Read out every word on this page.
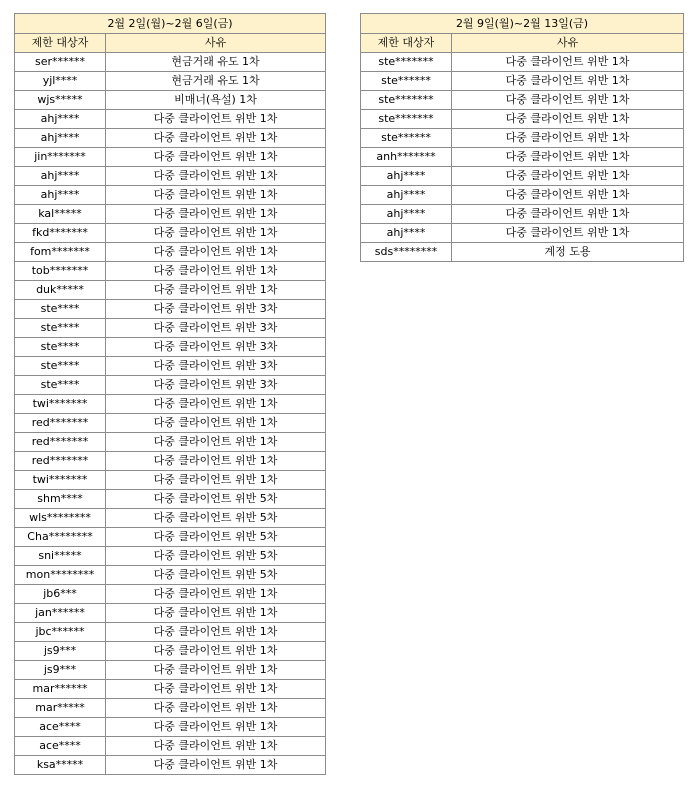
2월 2일(월)~2월 6일(금)	
제한 대상자	사유
ser******	현금거래 유도 1차
yjl****	현금거래 유도 1차
wjs*****	비매너(욕설) 1차
ahj****	다중 클라이언트 위반 1차
ahj****	다중 클라이언트 위반 1차
jin*******	다중 클라이언트 위반 1차
ahj****	다중 클라이언트 위반 1차
ahj****	다중 클라이언트 위반 1차
kal*****	다중 클라이언트 위반 1차
fkd*******	다중 클라이언트 위반 1차
fom*******	다중 클라이언트 위반 1차
tob*******	다중 클라이언트 위반 1차
duk*****	다중 클라이언트 위반 1차
ste****	다중 클라이언트 위반 3차
ste****	다중 클라이언트 위반 3차
ste****	다중 클라이언트 위반 3차
ste****	다중 클라이언트 위반 3차
ste****	다중 클라이언트 위반 3차
twi*******	다중 클라이언트 위반 1차
red*******	다중 클라이언트 위반 1차
red*******	다중 클라이언트 위반 1차
red*******	다중 클라이언트 위반 1차
twi*******	다중 클라이언트 위반 1차
shm****	다중 클라이언트 위반 5차
wls********	다중 클라이언트 위반 5차
Cha********	다중 클라이언트 위반 5차
sni*****	다중 클라이언트 위반 5차
mon********	다중 클라이언트 위반 5차
jb6***	다중 클라이언트 위반 1차
jan******	다중 클라이언트 위반 1차
jbc******	다중 클라이언트 위반 1차
js9***	다중 클라이언트 위반 1차
js9***	다중 클라이언트 위반 1차
mar******	다중 클라이언트 위반 1차
mar*****	다중 클라이언트 위반 1차
ace****	다중 클라이언트 위반 1차
ace****	다중 클라이언트 위반 1차
ksa*****	다중 클라이언트 위반 1차
2월 9일(월)~2월 13일(금)	
제한 대상자	사유
ste*******	다중 클라이언트 위반 1차
ste******	다중 클라이언트 위반 1차
ste*******	다중 클라이언트 위반 1차
ste*******	다중 클라이언트 위반 1차
ste******	다중 클라이언트 위반 1차
anh*******	다중 클라이언트 위반 1차
ahj****	다중 클라이언트 위반 1차
ahj****	다중 클라이언트 위반 1차
ahj****	다중 클라이언트 위반 1차
ahj****	다중 클라이언트 위반 1차
sds********	계정 도용
